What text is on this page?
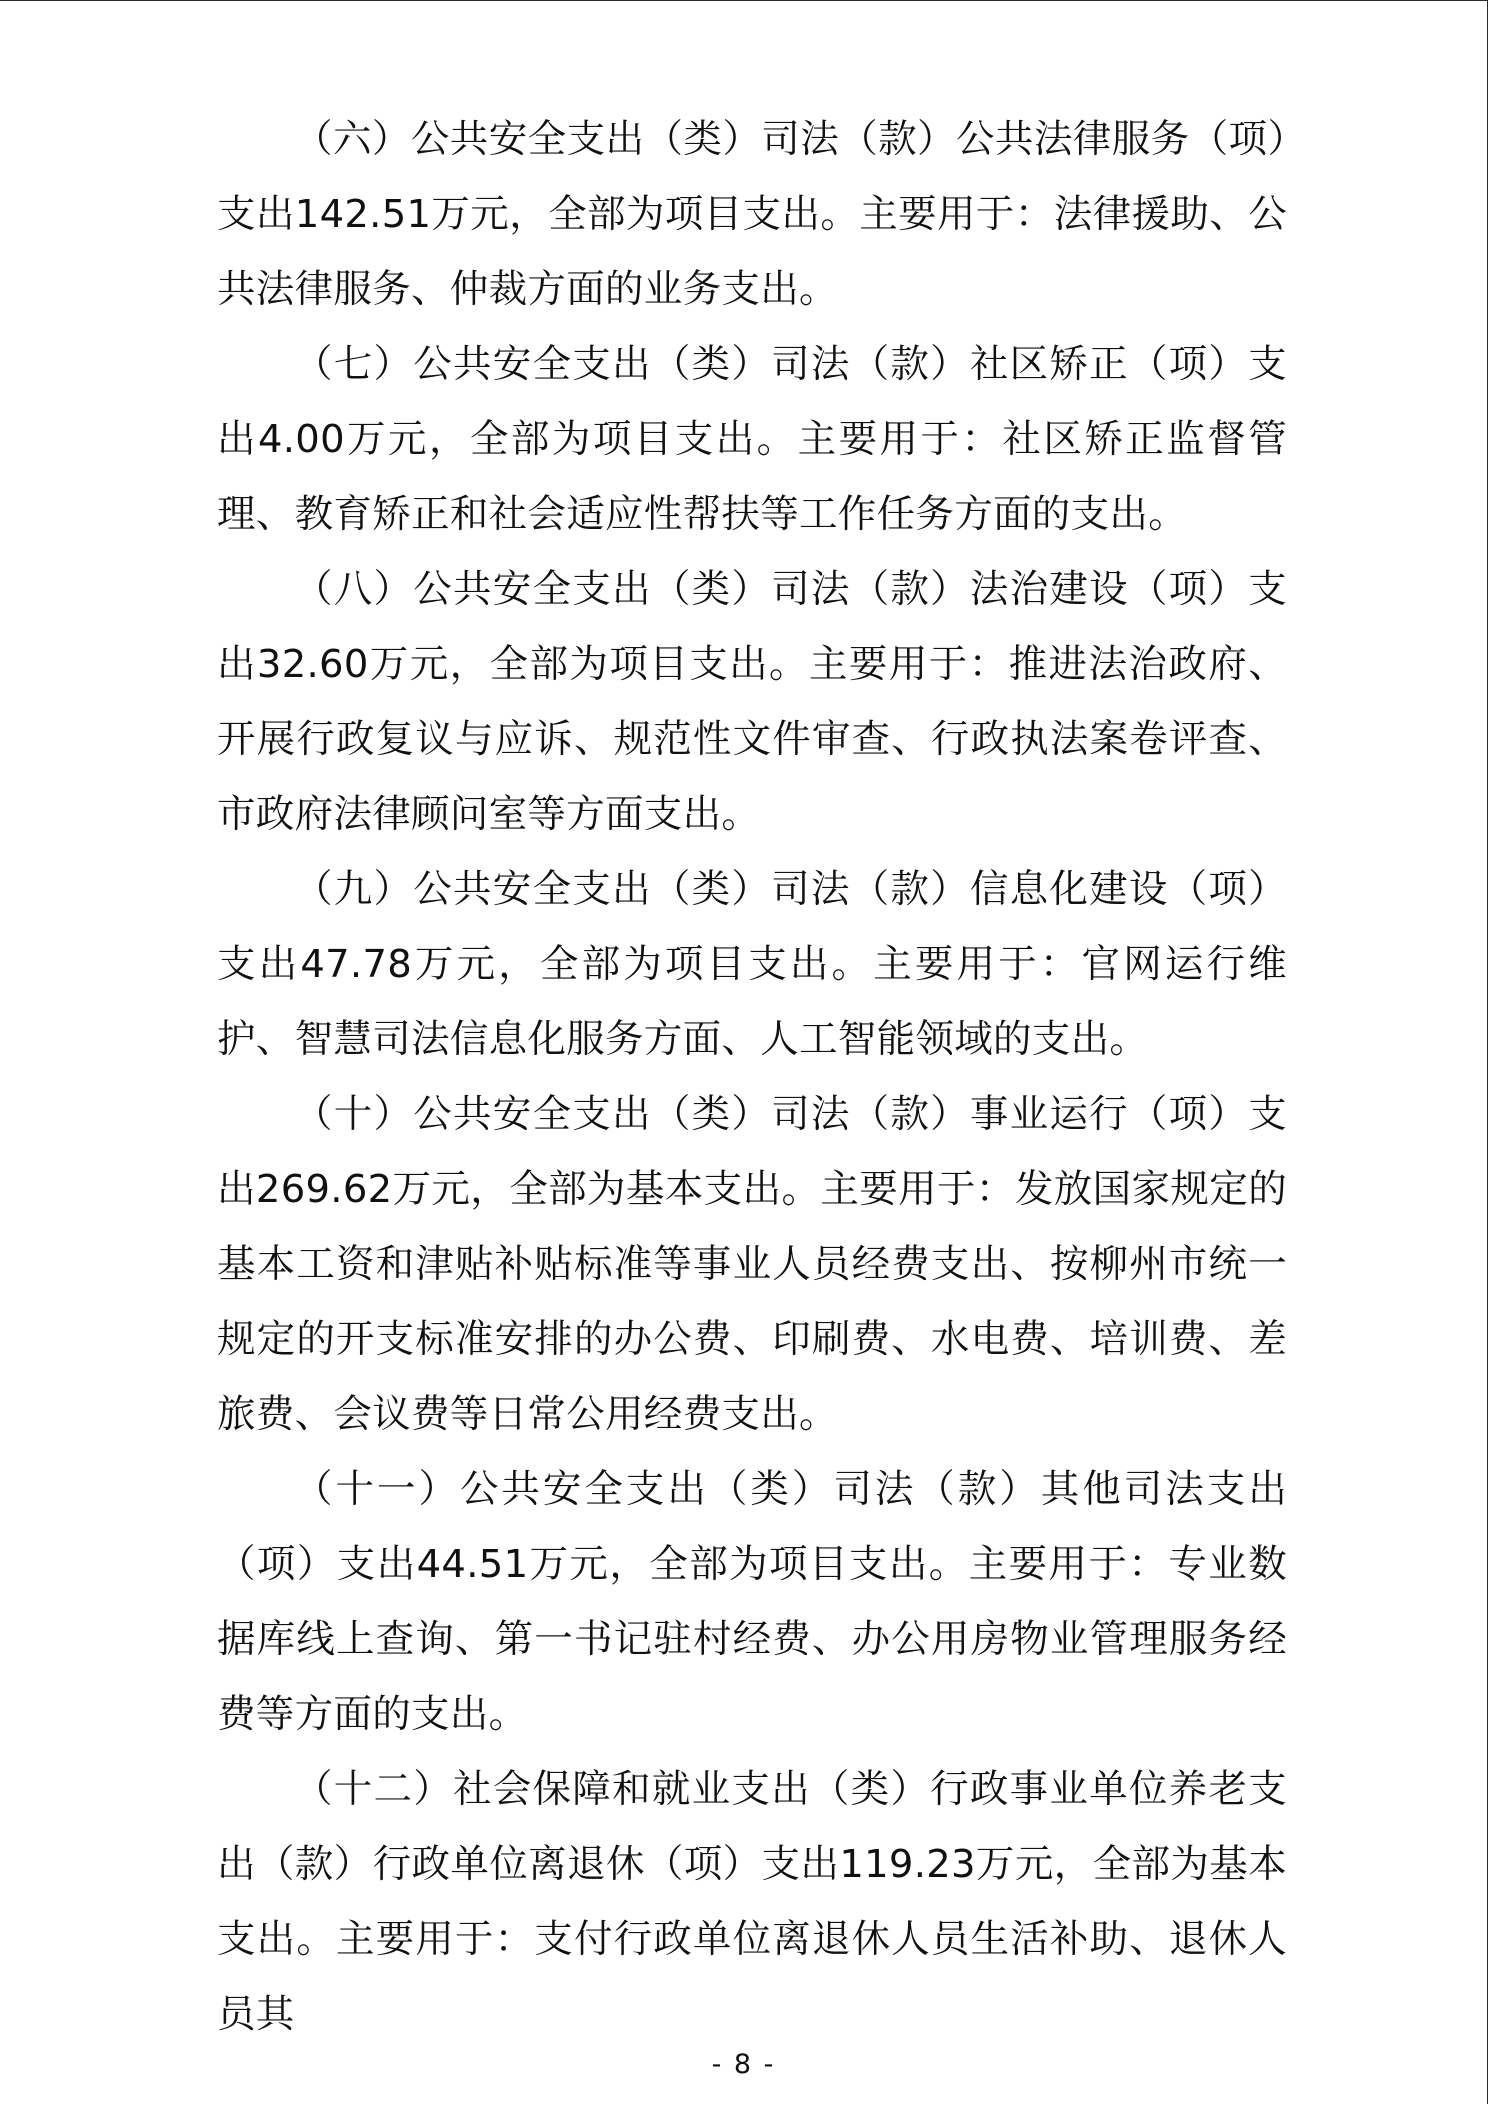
（六）公共安全支出（类）司法（款）公共法律服务（项）支出142.51万元，全部为项目支出。主要用于：法律援助、公共法律服务、仲裁方面的业务支出。

（七）公共安全支出（类）司法（款）社区矫正（项）支出4.00万元，全部为项目支出。主要用于：社区矫正监督管理、教育矫正和社会适应性帮扶等工作任务方面的支出。

（八）公共安全支出（类）司法（款）法治建设（项）支出32.60万元，全部为项目支出。主要用于：推进法治政府、开展行政复议与应诉、规范性文件审查、行政执法案卷评查、市政府法律顾问室等方面支出。

（九）公共安全支出（类）司法（款）信息化建设（项）支出47.78万元，全部为项目支出。主要用于：官网运行维护、智慧司法信息化服务方面、人工智能领域的支出。

（十）公共安全支出（类）司法（款）事业运行（项）支出269.62万元，全部为基本支出。主要用于：发放国家规定的基本工资和津贴补贴标准等事业人员经费支出、按柳州市统一规定的开支标准安排的办公费、印刷费、水电费、培训费、差旅费、会议费等日常公用经费支出。

（十一）公共安全支出（类）司法（款）其他司法支出（项）支出44.51万元，全部为项目支出。主要用于：专业数据库线上查询、第一书记驻村经费、办公用房物业管理服务经费等方面的支出。

（十二）社会保障和就业支出（类）行政事业单位养老支出（款）行政单位离退休（项）支出119.23万元，全部为基本支出。主要用于：支付行政单位离退休人员生活补助、退休人员其

- 8 -
